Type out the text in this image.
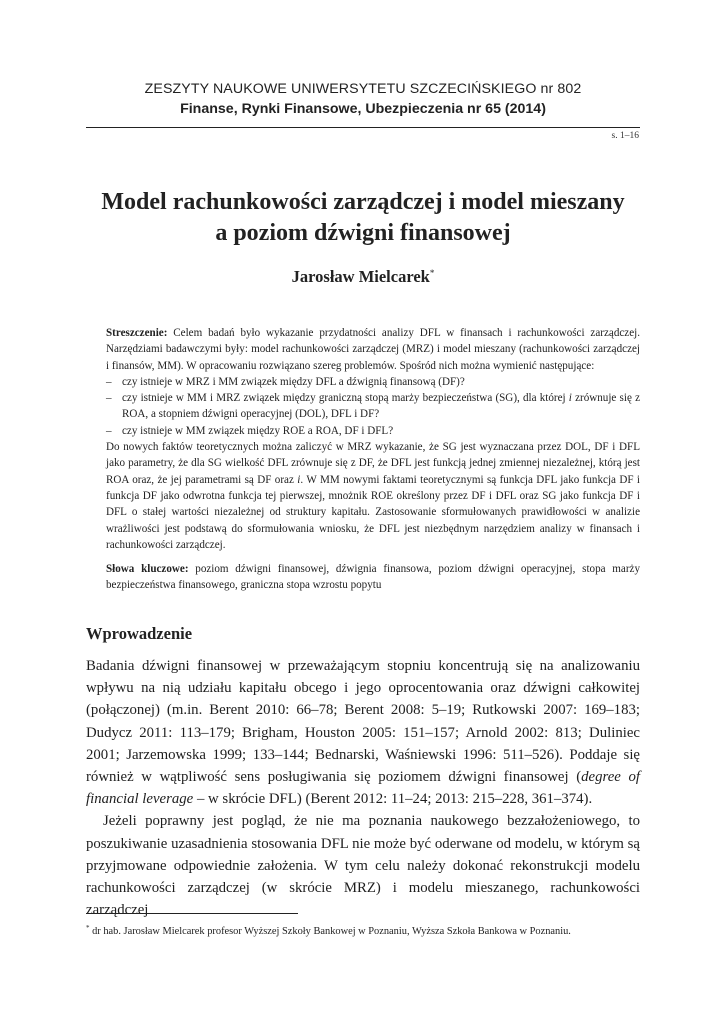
ZESZYTY NAUKOWE UNIWERSYTETU SZCZECIŃSKIEGO nr 802
Finanse, Rynki Finansowe, Ubezpieczenia nr 65 (2014)
s. 1–16
Model rachunkowości zarządczej i model mieszany
a poziom dźwigni finansowej
Jarosław Mielcarek*

Streszczenie: Celem badań było wykazanie przydatności analizy DFL w finansach i rachunkowości zarządczej. Narzędziami badawczymi były: model rachunkowości zarządczej (MRZ) i model mieszany (rachunkowości zarządczej i finansów, MM). W opracowaniu rozwiązano szereg problemów. Spośród nich można wymienić następujące:

– czy istnieje w MRZ i MM związek między DFL a dźwignią finansową (DF)?

– czy istnieje w MM i MRZ związek między graniczną stopą marży bezpieczeństwa (SG), dla której i zrównuje się z ROA, a stopniem dźwigni operacyjnej (DOL), DFL i DF?

– czy istnieje w MM związek między ROE a ROA, DF i DFL?

Do nowych faktów teoretycznych można zaliczyć w MRZ wykazanie, że SG jest wyznaczana przez DOL, DF i DFL jako parametry, że dla SG wielkość DFL zrównuje się z DF, że DFL jest funkcją jednej zmiennej niezależnej, którą jest ROA oraz, że jej parametrami są DF oraz i. W MM nowymi faktami teoretycznymi są funkcja DFL jako funkcja DF i funkcja DF jako odwrotna funkcja tej pierwszej, mnożnik ROE określony przez DF i DFL oraz SG jako funkcja DF i DFL o stałej wartości niezależnej od struktury kapitału. Zastosowanie sformułowanych prawidłowości w analizie wrażliwości jest podstawą do sformułowania wniosku, że DFL jest niezbędnym narzędziem analizy w finansach i rachunkowości zarządczej.

Słowa kluczowe: poziom dźwigni finansowej, dźwignia finansowa, poziom dźwigni operacyjnej, stopa marży bezpieczeństwa finansowego, graniczna stopa wzrostu popytu

Wprowadzenie

Badania dźwigni finansowej w przeważającym stopniu koncentrują się na analizowaniu wpływu na nią udziału kapitału obcego i jego oprocentowania oraz dźwigni całkowitej (połączonej) (m.in. Berent 2010: 66–78; Berent 2008: 5–19; Rutkowski 2007: 169–183; Dudycz 2011: 113–179; Brigham, Houston 2005: 151–157; Arnold 2002: 813; Duliniec 2001; Jarzemowska 1999; 133–144; Bednarski, Waśniewski 1996: 511–526). Poddaje się również w wątpliwość sens posługiwania się poziomem dźwigni finansowej (degree of financial leverage – w skrócie DFL) (Berent 2012: 11–24; 2013: 215–228, 361–374).

Jeżeli poprawny jest pogląd, że nie ma poznania naukowego bezzałożeniowego, to poszukiwanie uzasadnienia stosowania DFL nie może być oderwane od modelu, w którym są przyjmowane odpowiednie założenia. W tym celu należy dokonać rekonstrukcji modelu rachunkowości zarządczej (w skrócie MRZ) i modelu mieszanego, rachunkowości zarządczej

* dr hab. Jarosław Mielcarek profesor Wyższej Szkoły Bankowej w Poznaniu, Wyższa Szkoła Bankowa w Poznaniu.
